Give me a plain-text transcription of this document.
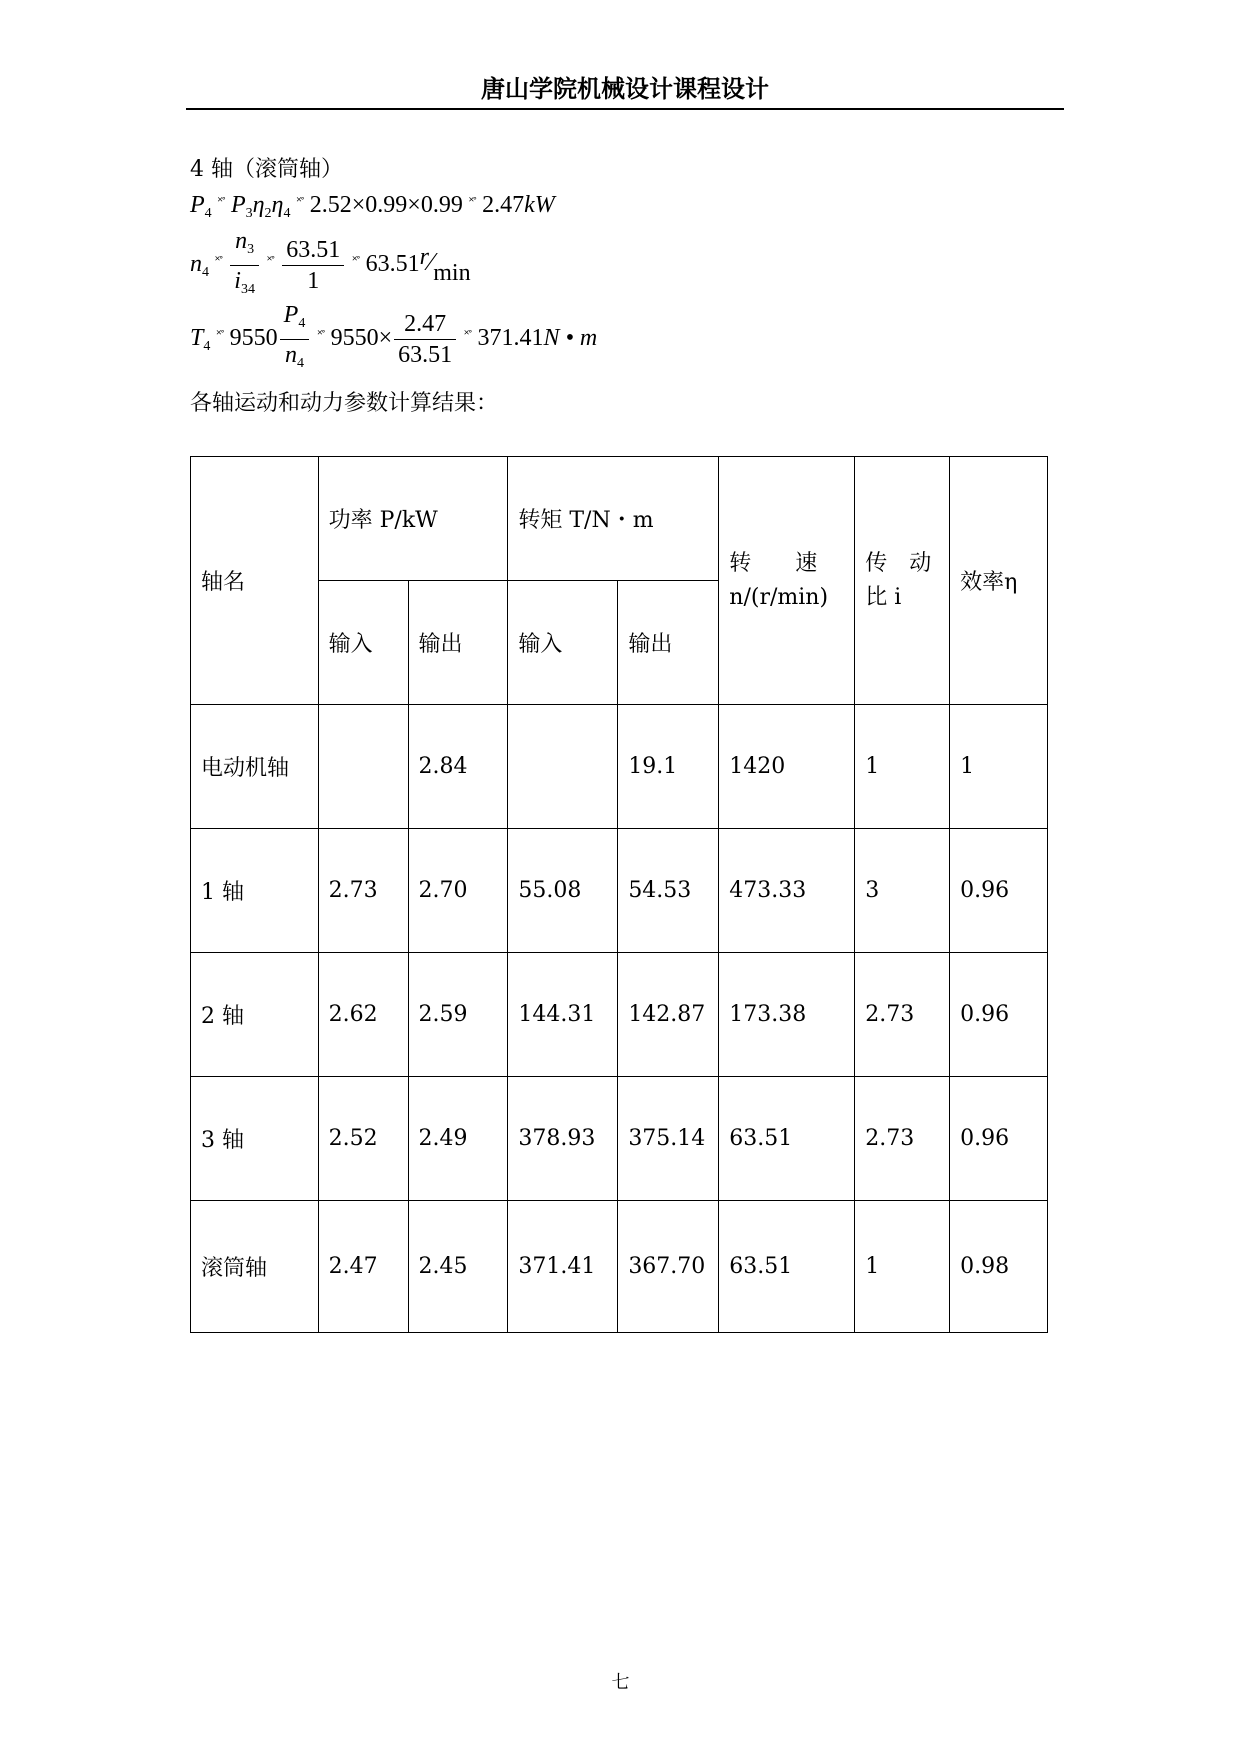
唐山学院机械设计课程设计
4 轴（滚筒轴）
$P_4^{˟˚}$ $P_3\eta_2\eta_4^{˟˚}$ 2.52×0.99×0.99 ˟˚ 2.47kW
$n_4^{˟˚} \frac{n_3}{i_{34}} ^{˟˚} \frac{63.51}{1} ^{˟˚}$ 63.51r∕min
$T_4^{˟˚}$ $9550 \frac{P_4}{n_4} ^{˟˚}$ $9550\times \frac{2.47}{63.51} ^{˟˚}$ 371.41N • m
各轴运动和动力参数计算结果：
轴名	功率 P/kW		转矩 T/N・m		转　　速 n/(r/min)	传　动 比 i	效率η
	输入	输出	输入	输出			
电动机轴		2.84		19.1	1420	1	1
1 轴	2.73	2.70	55.08	54.53	473.33	3	0.96
2 轴	2.62	2.59	144.31	142.87	173.38	2.73	0.96
3 轴	2.52	2.49	378.93	375.14	63.51	2.73	0.96
滚筒轴	2.47	2.45	371.41	367.70	63.51	1	0.98
七
